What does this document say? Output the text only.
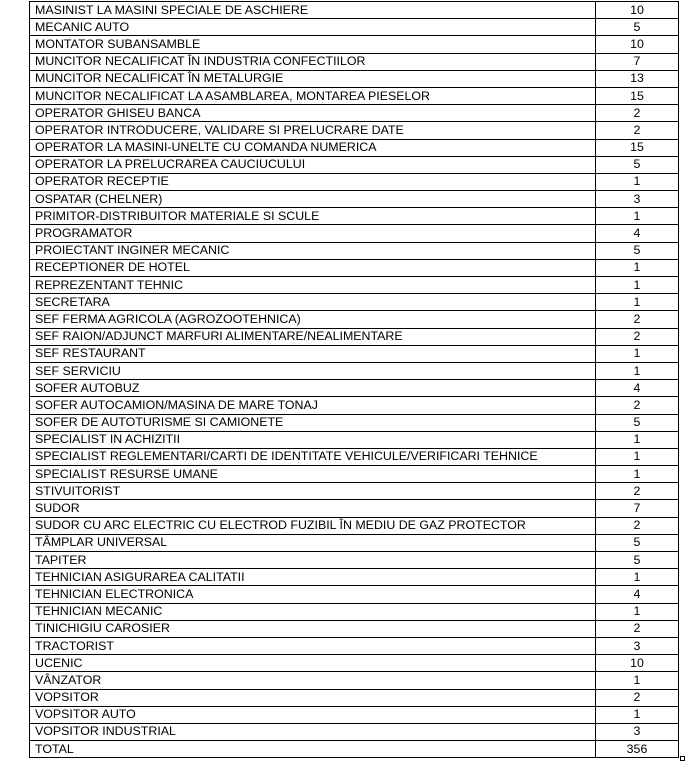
MASINIST LA MASINI SPECIALE DE ASCHIERE	10
MECANIC AUTO	5
MONTATOR SUBANSAMBLE	10
MUNCITOR NECALIFICAT ÎN INDUSTRIA CONFECTIILOR	7
MUNCITOR NECALIFICAT ÎN METALURGIE	13
MUNCITOR NECALIFICAT LA ASAMBLAREA, MONTAREA PIESELOR	15
OPERATOR GHISEU BANCA	2
OPERATOR INTRODUCERE, VALIDARE SI PRELUCRARE DATE	2
OPERATOR LA MASINI-UNELTE CU COMANDA NUMERICA	15
OPERATOR LA PRELUCRAREA CAUCIUCULUI	5
OPERATOR RECEPTIE	1
OSPATAR (CHELNER)	3
PRIMITOR-DISTRIBUITOR MATERIALE SI SCULE	1
PROGRAMATOR	4
PROIECTANT INGINER MECANIC	5
RECEPTIONER DE HOTEL	1
REPREZENTANT TEHNIC	1
SECRETARA	1
SEF FERMA AGRICOLA (AGROZOOTEHNICA)	2
SEF RAION/ADJUNCT MARFURI ALIMENTARE/NEALIMENTARE	2
SEF RESTAURANT	1
SEF SERVICIU	1
SOFER AUTOBUZ	4
SOFER AUTOCAMION/MASINA DE MARE TONAJ	2
SOFER DE AUTOTURISME SI CAMIONETE	5
SPECIALIST IN ACHIZITII	1
SPECIALIST REGLEMENTARI/CARTI DE IDENTITATE VEHICULE/VERIFICARI TEHNICE	1
SPECIALIST RESURSE UMANE	1
STIVUITORIST	2
SUDOR	7
SUDOR CU ARC ELECTRIC CU ELECTROD FUZIBIL ÎN MEDIU DE GAZ PROTECTOR	2
TÂMPLAR UNIVERSAL	5
TAPITER	5
TEHNICIAN ASIGURAREA CALITATII	1
TEHNICIAN ELECTRONICA	4
TEHNICIAN MECANIC	1
TINICHIGIU CAROSIER	2
TRACTORIST	3
UCENIC	10
VÂNZATOR	1
VOPSITOR	2
VOPSITOR AUTO	1
VOPSITOR INDUSTRIAL	3
TOTAL	356
